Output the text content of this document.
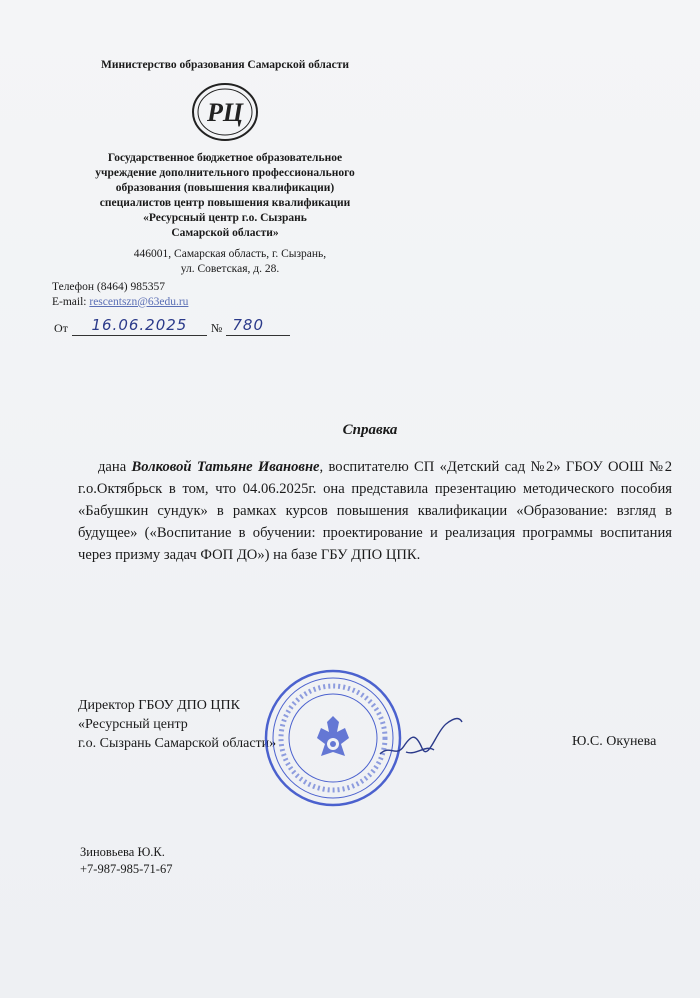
Министерство образования Самарской области

РЦ
Государственное бюджетное образовательное
учреждение дополнительного профессионального
образования (повышения квалификации)
специалистов центр повышения квалификации
«Ресурсный центр г.о. Сызрань
Самарской области»
446001, Самарская область, г. Сызрань,
ул. Советская, д. 28.
Телефон (8464) 985357
E-mail: rescentszn@63edu.ru
От	16.06.2025	№ 780
Справка
дана Волковой Татьяне Ивановне, воспитателю СП «Детский сад №2» ГБОУ ООШ №2 г.о.Октябрьск в том, что 04.06.2025г. она представила презентацию методического пособия «Бабушкин сундук» в рамках курсов повышения квалификации «Образование: взгляд в будущее» («Воспитание в обучении: проектирование и реализация программы воспитания через призму задач ФОП ДО») на базе ГБУ ДПО ЦПК.
Директор ГБОУ ДПО ЦПК
«Ресурсный центр
г.о. Сызрань Самарской области»	Ю.С. Окунева
Зиновьева Ю.К.
+7-987-985-71-67
